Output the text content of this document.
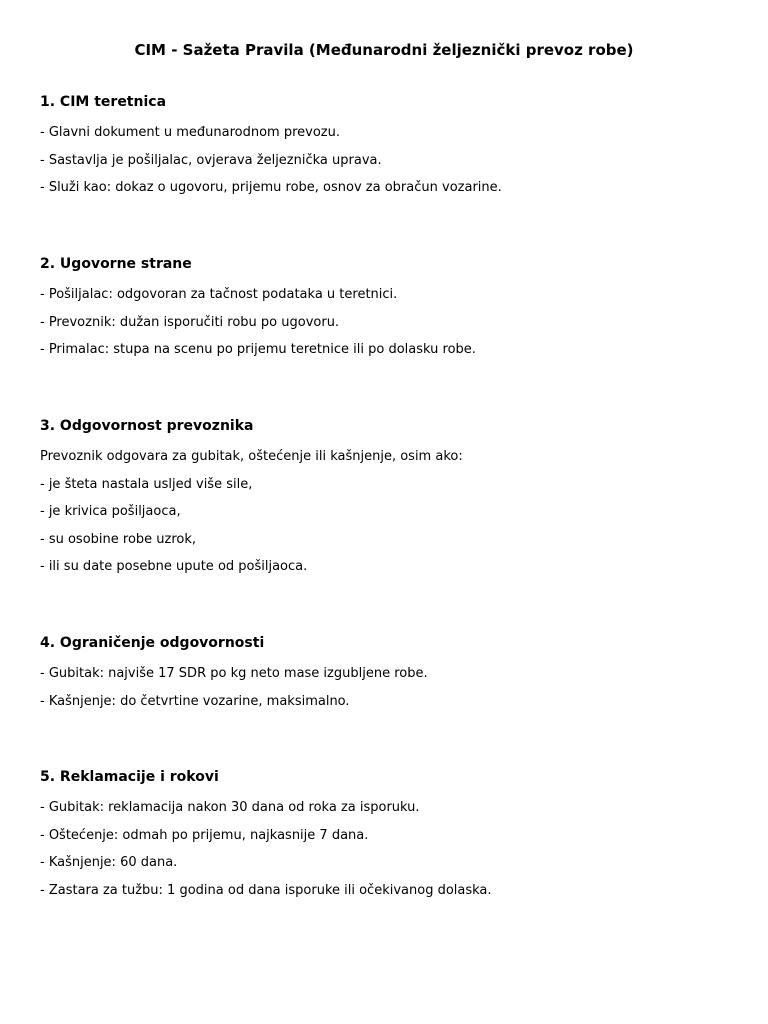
CIM - Sažeta Pravila (Međunarodni željeznički prevoz robe)
1. CIM teretnica

- Glavni dokument u međunarodnom prevozu.

- Sastavlja je pošiljalac, ovjerava željeznička uprava.

- Služi kao: dokaz o ugovoru, prijemu robe, osnov za obračun vozarine.

2. Ugovorne strane

- Pošiljalac: odgovoran za tačnost podataka u teretnici.

- Prevoznik: dužan isporučiti robu po ugovoru.

- Primalac: stupa na scenu po prijemu teretnice ili po dolasku robe.

3. Odgovornost prevoznika

Prevoznik odgovara za gubitak, oštećenje ili kašnjenje, osim ako:

- je šteta nastala usljed više sile,

- je krivica pošiljaoca,

- su osobine robe uzrok,

- ili su date posebne upute od pošiljaoca.

4. Ograničenje odgovornosti

- Gubitak: najviše 17 SDR po kg neto mase izgubljene robe.

- Kašnjenje: do četvrtine vozarine, maksimalno.

5. Reklamacije i rokovi

- Gubitak: reklamacija nakon 30 dana od roka za isporuku.

- Oštećenje: odmah po prijemu, najkasnije 7 dana.

- Kašnjenje: 60 dana.

- Zastara za tužbu: 1 godina od dana isporuke ili očekivanog dolaska.
